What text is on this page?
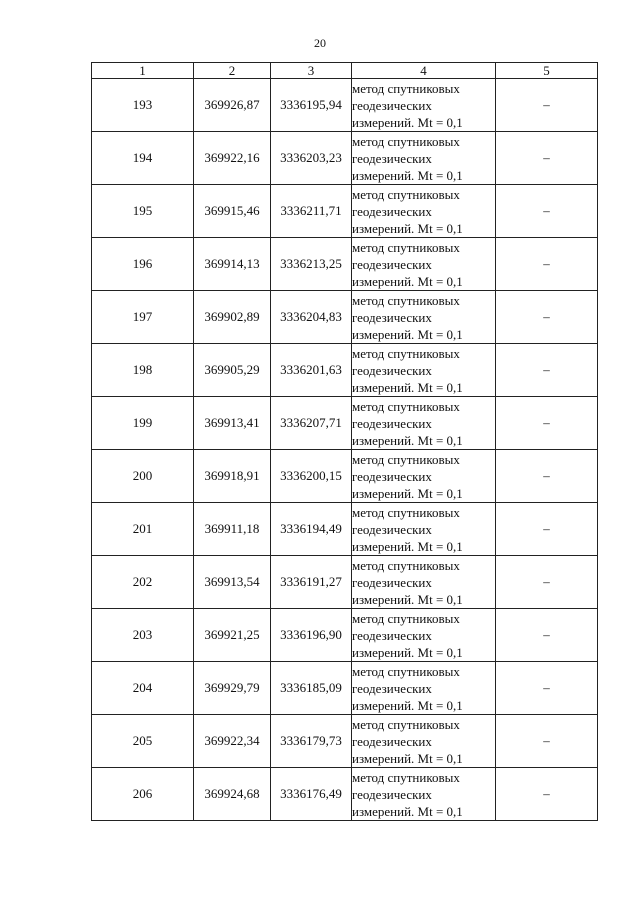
20
1	2	3	4	5
193	369926,87	3336195,94	метод спутниковых
геодезических
измерений. Mt = 0,1	–
194	369922,16	3336203,23	метод спутниковых
геодезических
измерений. Mt = 0,1	–
195	369915,46	3336211,71	метод спутниковых
геодезических
измерений. Mt = 0,1	–
196	369914,13	3336213,25	метод спутниковых
геодезических
измерений. Mt = 0,1	–
197	369902,89	3336204,83	метод спутниковых
геодезических
измерений. Mt = 0,1	–
198	369905,29	3336201,63	метод спутниковых
геодезических
измерений. Mt = 0,1	–
199	369913,41	3336207,71	метод спутниковых
геодезических
измерений. Mt = 0,1	–
200	369918,91	3336200,15	метод спутниковых
геодезических
измерений. Mt = 0,1	–
201	369911,18	3336194,49	метод спутниковых
геодезических
измерений. Mt = 0,1	–
202	369913,54	3336191,27	метод спутниковых
геодезических
измерений. Mt = 0,1	–
203	369921,25	3336196,90	метод спутниковых
геодезических
измерений. Mt = 0,1	–
204	369929,79	3336185,09	метод спутниковых
геодезических
измерений. Mt = 0,1	–
205	369922,34	3336179,73	метод спутниковых
геодезических
измерений. Mt = 0,1	–
206	369924,68	3336176,49	метод спутниковых
геодезических
измерений. Mt = 0,1	–
